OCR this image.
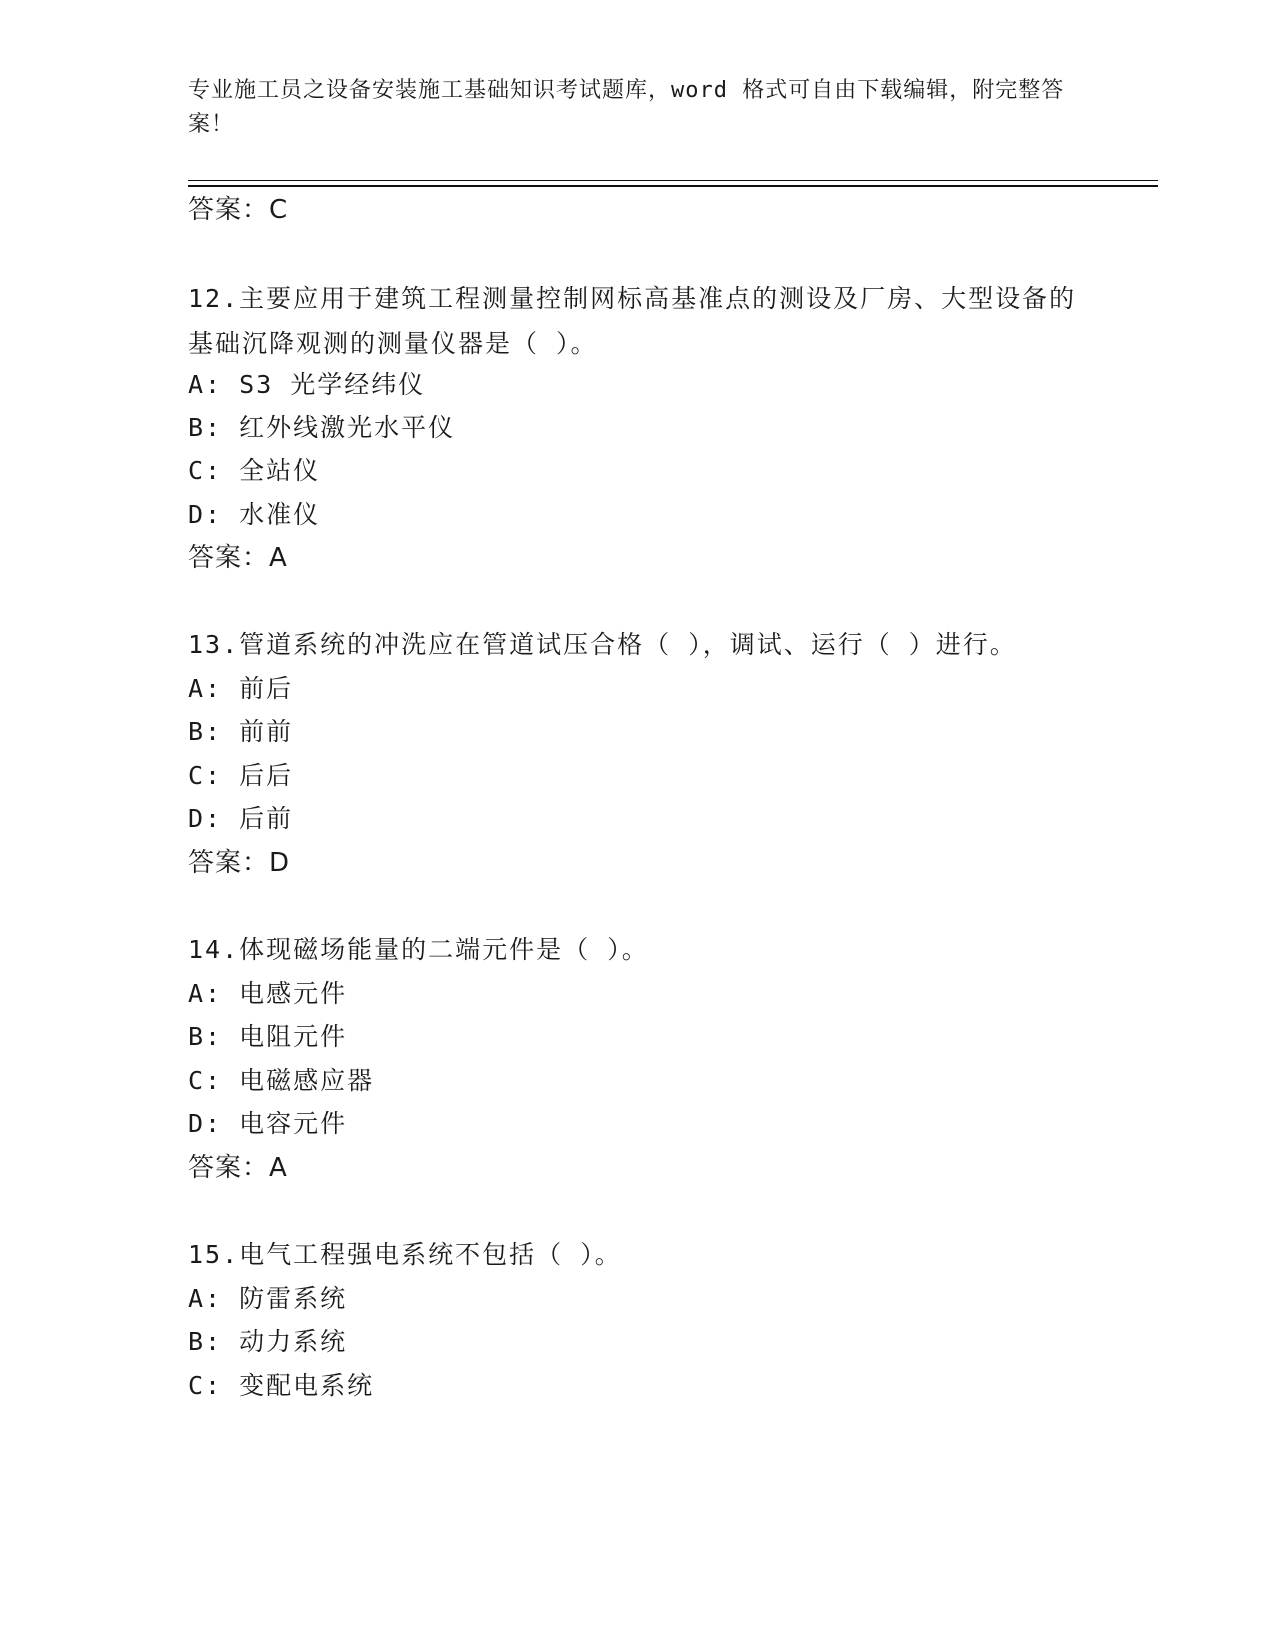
专业施工员之设备安装施工基础知识考试题库，word 格式可自由下载编辑，附完整答案！
答案：C
12.主要应用于建筑工程测量控制网标高基准点的测设及厂房、大型设备的基础沉降观测的测量仪器是（ ）。
A: S3 光学经纬仪
B: 红外线激光水平仪
C: 全站仪
D: 水准仪
答案：A
13.管道系统的冲洗应在管道试压合格（ ），调试、运行（ ）进行。
A: 前后
B: 前前
C: 后后
D: 后前
答案：D
14.体现磁场能量的二端元件是（ ）。
A: 电感元件
B: 电阻元件
C: 电磁感应器
D: 电容元件
答案：A
15.电气工程强电系统不包括（ ）。
A: 防雷系统
B: 动力系统
C: 变配电系统
